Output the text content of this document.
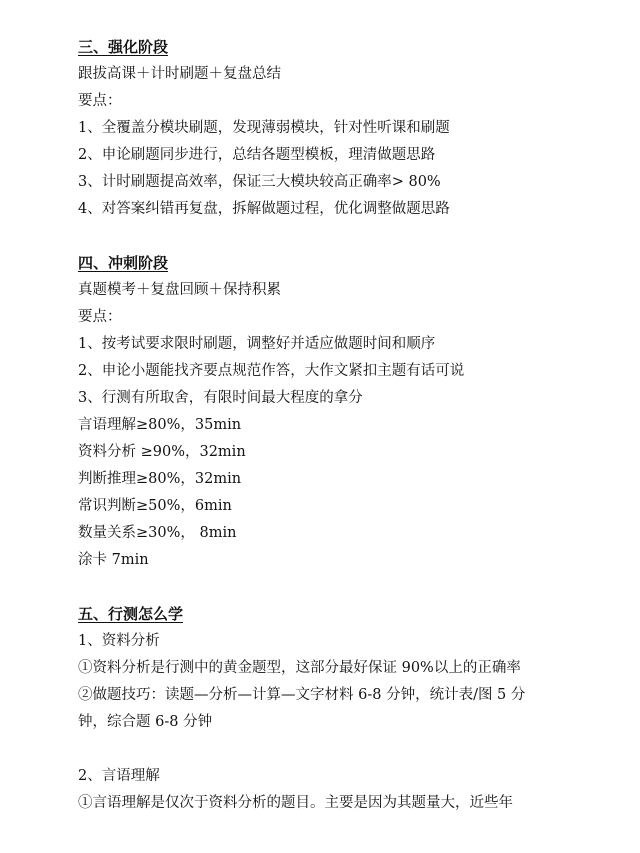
三、强化阶段
跟拔高课＋计时刷题＋复盘总结
要点：
1、全覆盖分模块刷题，发现薄弱模块，针对性听课和刷题
2、申论刷题同步进行，总结各题型模板，理清做题思路
3、计时刷题提高效率，保证三大模块较高正确率> 80%
4、对答案纠错再复盘，拆解做题过程，优化调整做题思路
四、冲刺阶段
真题模考＋复盘回顾＋保持积累
要点：
1、按考试要求限时刷题，调整好并适应做题时间和顺序
2、申论小题能找齐要点规范作答，大作文紧扣主题有话可说
3、行测有所取舍，有限时间最大程度的拿分
言语理解≥80%，35min
资料分析 ≥90%，32min
判断推理≥80%，32min
常识判断≥50%，6min
数量关系≥30%， 8min
涂卡 7min
五、行测怎么学
1、资料分析
①资料分析是行测中的黄金题型，这部分最好保证 90%以上的正确率
②做题技巧：读题—分析—计算—文字材料 6-8 分钟，统计表/图 5 分
钟，综合题 6-8 分钟
2、言语理解
①言语理解是仅次于资料分析的题目。主要是因为其题量大，近些年
